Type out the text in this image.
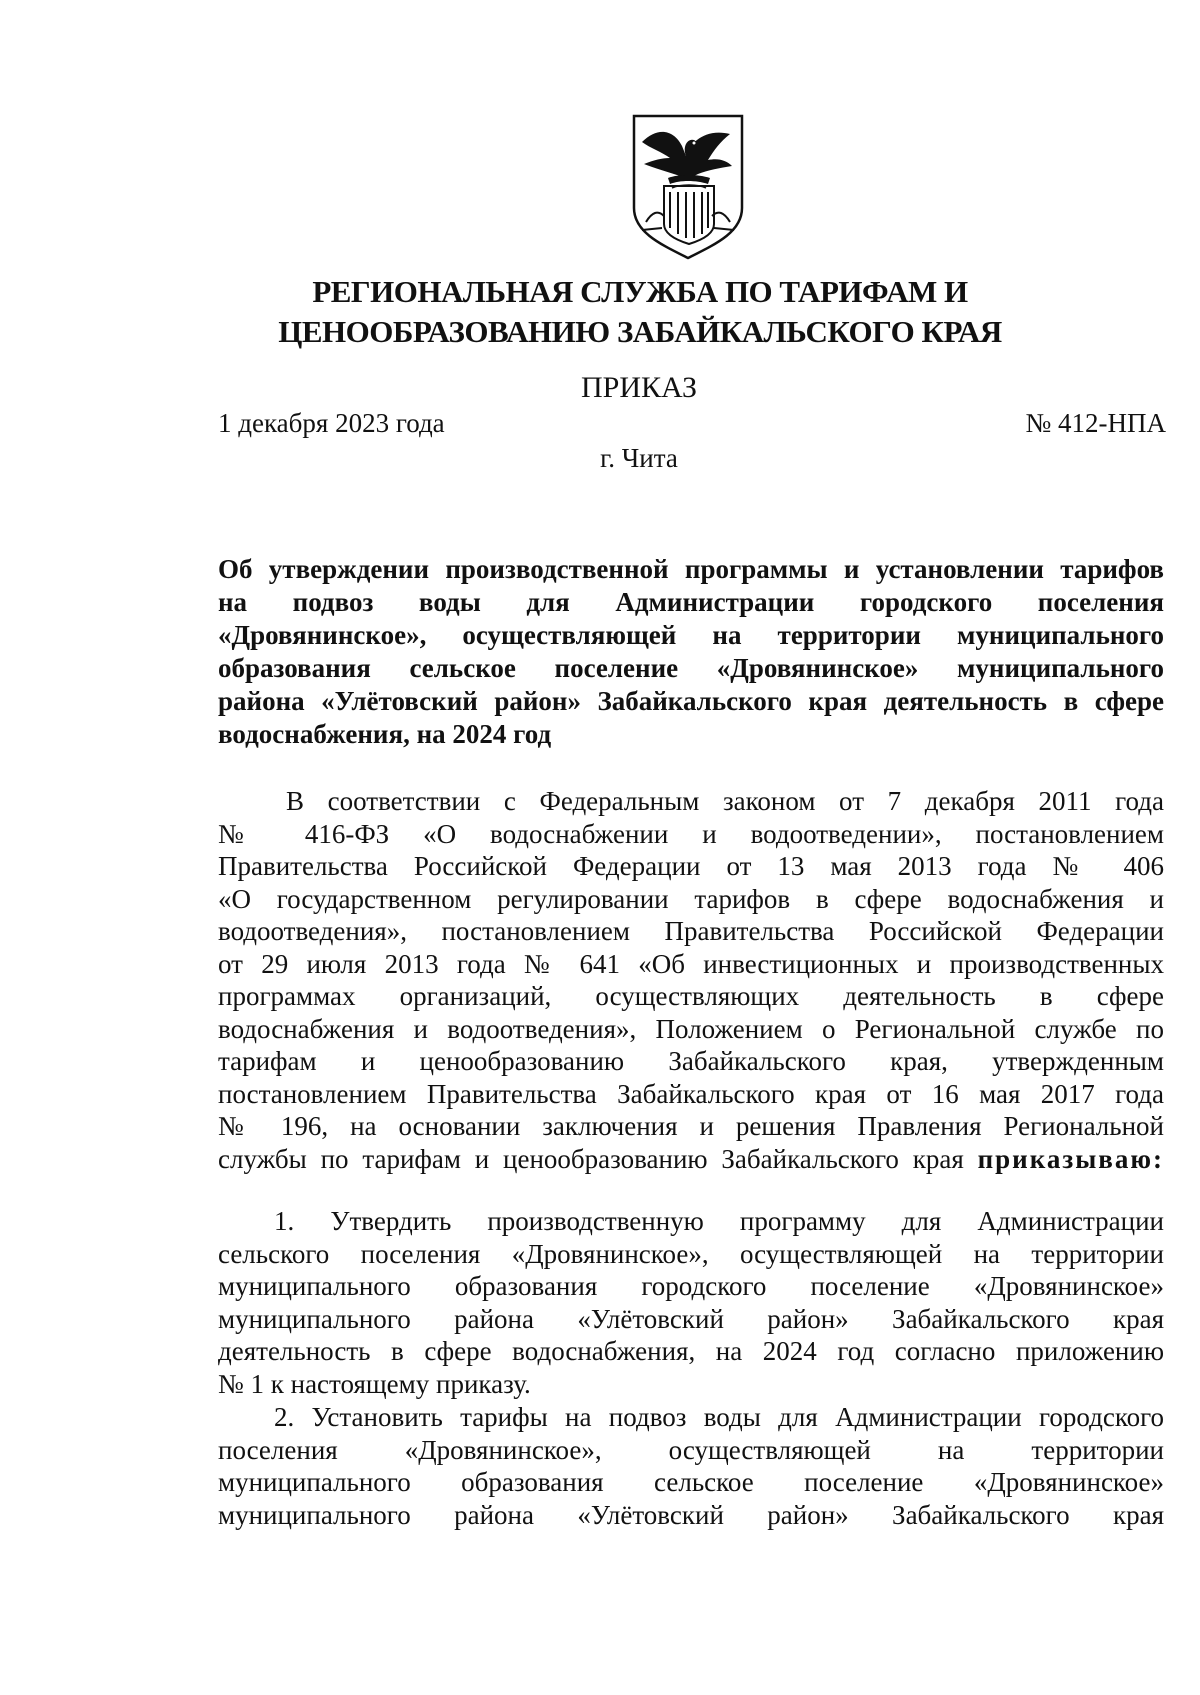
РЕГИОНАЛЬНАЯ СЛУЖБА ПО ТАРИФАМ И
ЦЕНООБРАЗОВАНИЮ ЗАБАЙКАЛЬСКОГО КРАЯ
ПРИКАЗ
1 декабря 2023 года	№ 412-НПА
г. Чита
Об утверждении производственной программы и установлении тарифов
на подвоз воды для Администрации городского поселения
«Дровянинское», осуществляющей на территории муниципального
образования сельское поселение «Дровянинское» муниципального
района «Улётовский район» Забайкальского края деятельность в сфере
водоснабжения, на 2024 год
В соответствии с Федеральным законом от 7 декабря 2011 года
№ 416-ФЗ «О водоснабжении и водоотведении», постановлением
Правительства Российской Федерации от 13 мая 2013 года № 406
«О государственном регулировании тарифов в сфере водоснабжения и
водоотведения», постановлением Правительства Российской Федерации
от 29 июля 2013 года № 641 «Об инвестиционных и производственных
программах организаций, осуществляющих деятельность в сфере
водоснабжения и водоотведения», Положением о Региональной службе по
тарифам и ценообразованию Забайкальского края, утвержденным
постановлением Правительства Забайкальского края от 16 мая 2017 года
№ 196, на основании заключения и решения Правления Региональной
службы по тарифам и ценообразованию Забайкальского края приказываю:
1. Утвердить производственную программу для Администрации
сельского поселения «Дровянинское», осуществляющей на территории
муниципального образования городского поселение «Дровянинское»
муниципального района «Улётовский район» Забайкальского края
деятельность в сфере водоснабжения, на 2024 год согласно приложению
№ 1 к настоящему приказу.
2. Установить тарифы на подвоз воды для Администрации городского
поселения «Дровянинское», осуществляющей на территории
муниципального образования сельское поселение «Дровянинское»
муниципального района «Улётовский район» Забайкальского края
